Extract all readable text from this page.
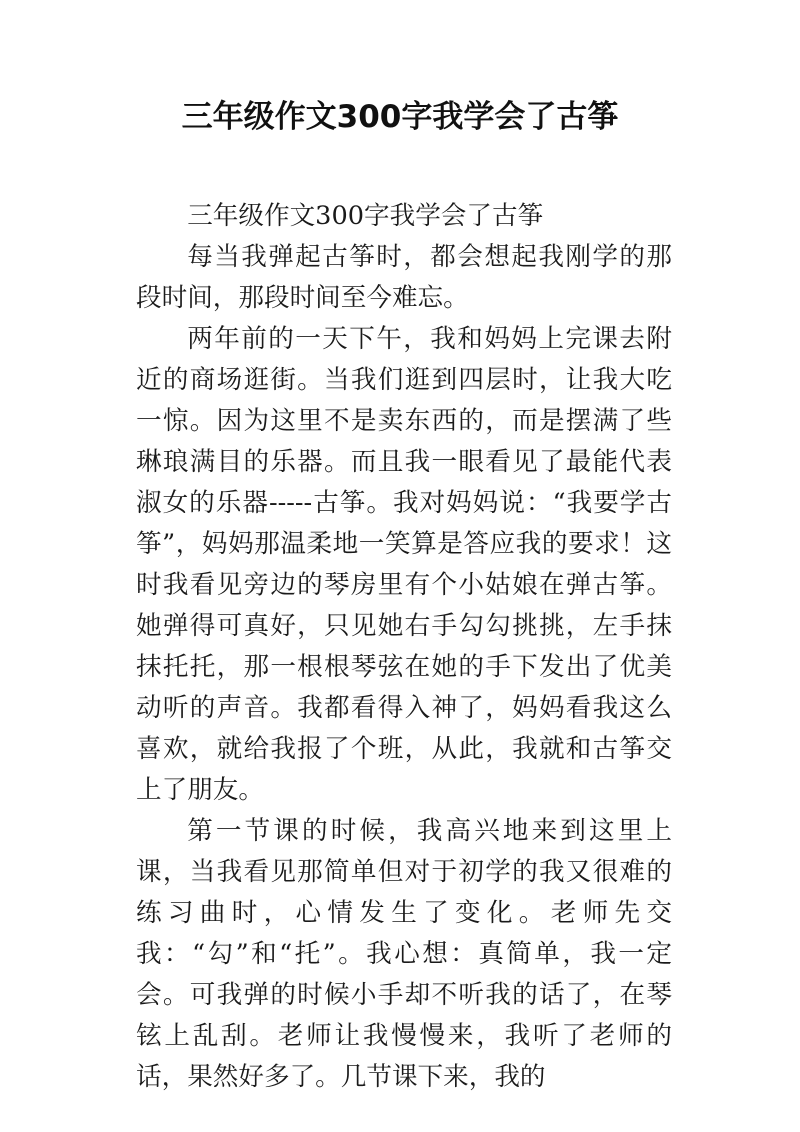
三年级作文300字我学会了古筝

三年级作文300字我学会了古筝

每当我弹起古筝时，都会想起我刚学的那段时间，那段时间至今难忘。

两年前的一天下午，我和妈妈上完课去附近的商场逛街。当我们逛到四层时，让我大吃一惊。因为这里不是卖东西的，而是摆满了些琳琅满目的乐器。而且我一眼看见了最能代表淑女的乐器-----古筝。我对妈妈说：“我要学古筝”，妈妈那温柔地一笑算是答应我的要求！这时我看见旁边的琴房里有个小姑娘在弹古筝。她弹得可真好，只见她右手勾勾挑挑，左手抹抹托托，那一根根琴弦在她的手下发出了优美动听的声音。我都看得入神了，妈妈看我这么喜欢，就给我报了个班，从此，我就和古筝交上了朋友。

第一节课的时候，我高兴地来到这里上课，当我看见那简单但对于初学的我又很难的练习曲时，心情发生了变化。老师先交我：“勾”和“托”。我心想：真简单，我一定会。可我弹的时候小手却不听我的话了，在琴铉上乱刮。老师让我慢慢来，我听了老师的话，果然好多了。几节课下来，我的
